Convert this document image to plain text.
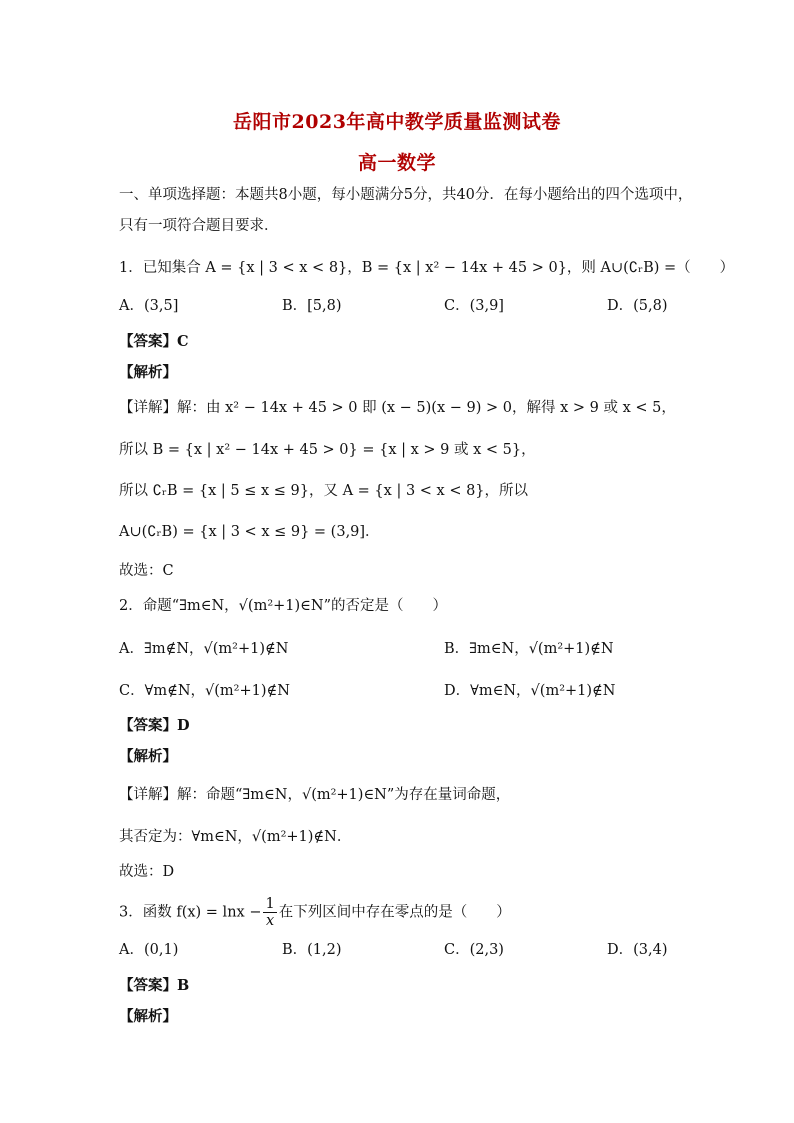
岳阳市2023年高中教学质量监测试卷
高一数学
一、单项选择题：本题共8小题，每小题满分5分，共40分．在每小题给出的四个选项中，
只有一项符合题目要求．
1．已知集合 A = {x | 3 < x < 8}，B = {x | x² − 14x + 45 > 0}，则 A∪(∁ᵣB) =（　　）
A．(3,5]	B．[5,8)	C．(3,9]	D．(5,8)
【答案】C
【解析】
【详解】解：由 x² − 14x + 45 > 0 即 (x − 5)(x − 9) > 0，解得 x > 9 或 x < 5，
所以 B = {x | x² − 14x + 45 > 0} = {x | x > 9 或 x < 5}，
所以 ∁ᵣB = {x | 5 ≤ x ≤ 9}，又 A = {x | 3 < x < 8}，所以
A∪(∁ᵣB) = {x | 3 < x ≤ 9} = (3,9]．
故选：C
2．命题“∃m∈N，√(m²+1)∈N”的否定是（　　）
A．∃m∉N，√(m²+1)∉N	B．∃m∈N，√(m²+1)∉N
C．∀m∉N，√(m²+1)∉N	D．∀m∈N，√(m²+1)∉N
【答案】D
【解析】
【详解】解：命题“∃m∈N，√(m²+1)∈N”为存在量词命题，
其否定为：∀m∈N，√(m²+1)∉N．
故选：D
3．函数 $f(x) = \ln x - \frac{1}{x}$ 在下列区间中存在零点的是（　　）
A．(0,1)	B．(1,2)	C．(2,3)	D．(3,4)
【答案】B
【解析】
